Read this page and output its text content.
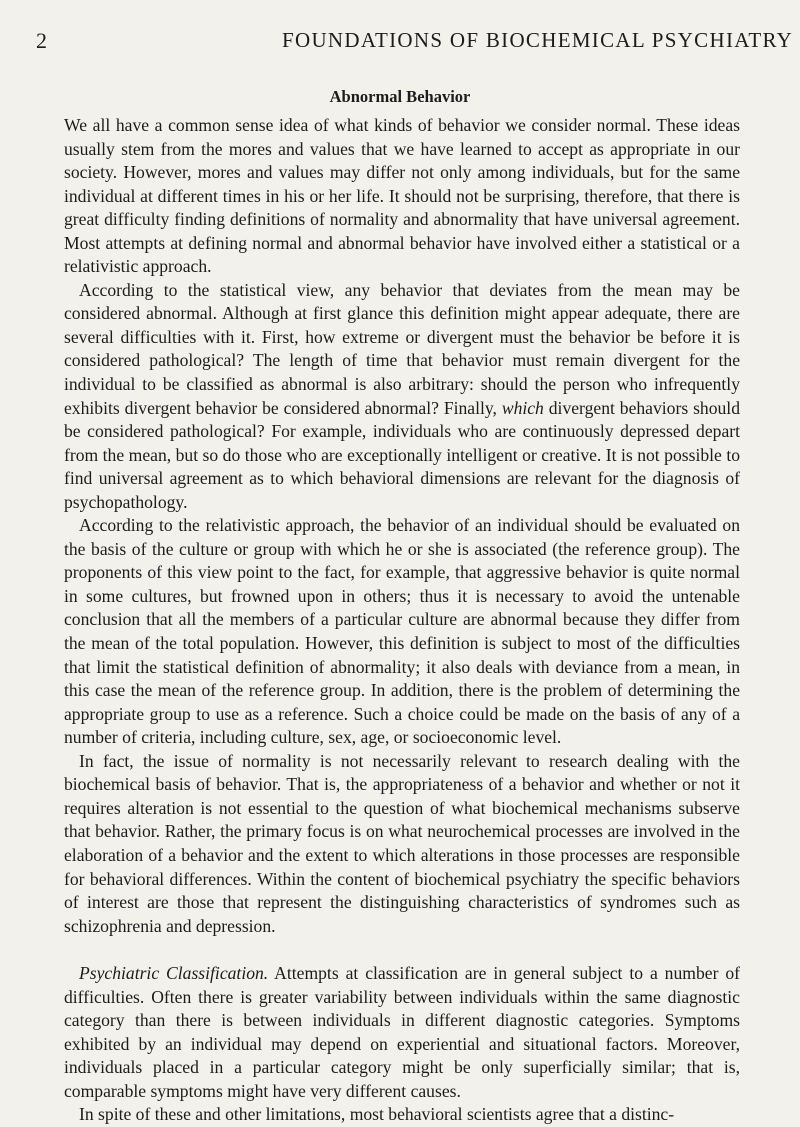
2	FOUNDATIONS OF BIOCHEMICAL PSYCHIATRY
Abnormal Behavior

We all have a common sense idea of what kinds of behavior we consider normal. These ideas usually stem from the mores and values that we have learned to accept as appropriate in our society. However, mores and values may differ not only among individuals, but for the same individual at different times in his or her life. It should not be surprising, therefore, that there is great difficulty finding definitions of normality and abnormality that have universal agreement. Most attempts at defining normal and abnormal behavior have involved either a statistical or a relativistic approach.

According to the statistical view, any behavior that deviates from the mean may be considered abnormal. Although at first glance this definition might appear adequate, there are several difficulties with it. First, how extreme or divergent must the behavior be before it is considered pathological? The length of time that behavior must remain divergent for the individual to be classified as abnormal is also arbitrary: should the person who infrequently exhibits divergent behavior be considered abnormal? Finally, which divergent behaviors should be considered pathological? For example, individuals who are continuously depressed depart from the mean, but so do those who are exceptionally intelligent or creative. It is not possible to find universal agreement as to which behavioral dimensions are relevant for the diagnosis of psychopathology.

According to the relativistic approach, the behavior of an individual should be evaluated on the basis of the culture or group with which he or she is associated (the reference group). The proponents of this view point to the fact, for example, that aggressive behavior is quite normal in some cultures, but frowned upon in others; thus it is necessary to avoid the untenable conclusion that all the members of a particular culture are abnormal because they differ from the mean of the total population. However, this definition is subject to most of the difficulties that limit the statistical definition of abnormality; it also deals with deviance from a mean, in this case the mean of the reference group. In addition, there is the problem of determining the appropriate group to use as a reference. Such a choice could be made on the basis of any of a number of criteria, including culture, sex, age, or socioeconomic level.

In fact, the issue of normality is not necessarily relevant to research dealing with the biochemical basis of behavior. That is, the appropriateness of a behavior and whether or not it requires alteration is not essential to the question of what biochemical mechanisms subserve that behavior. Rather, the primary focus is on what neurochemical processes are involved in the elaboration of a behavior and the extent to which alterations in those processes are responsible for behavioral differences. Within the content of biochemical psychiatry the specific behaviors of interest are those that represent the distinguishing characteristics of syndromes such as schizophrenia and depression.

Psychiatric Classification. Attempts at classification are in general subject to a number of difficulties. Often there is greater variability between individuals within the same diagnostic category than there is between individuals in different diagnostic categories. Symptoms exhibited by an individual may depend on experiential and situational factors. Moreover, individuals placed in a particular category might be only superficially similar; that is, comparable symptoms might have very different causes.

In spite of these and other limitations, most behavioral scientists agree that a distinc-
